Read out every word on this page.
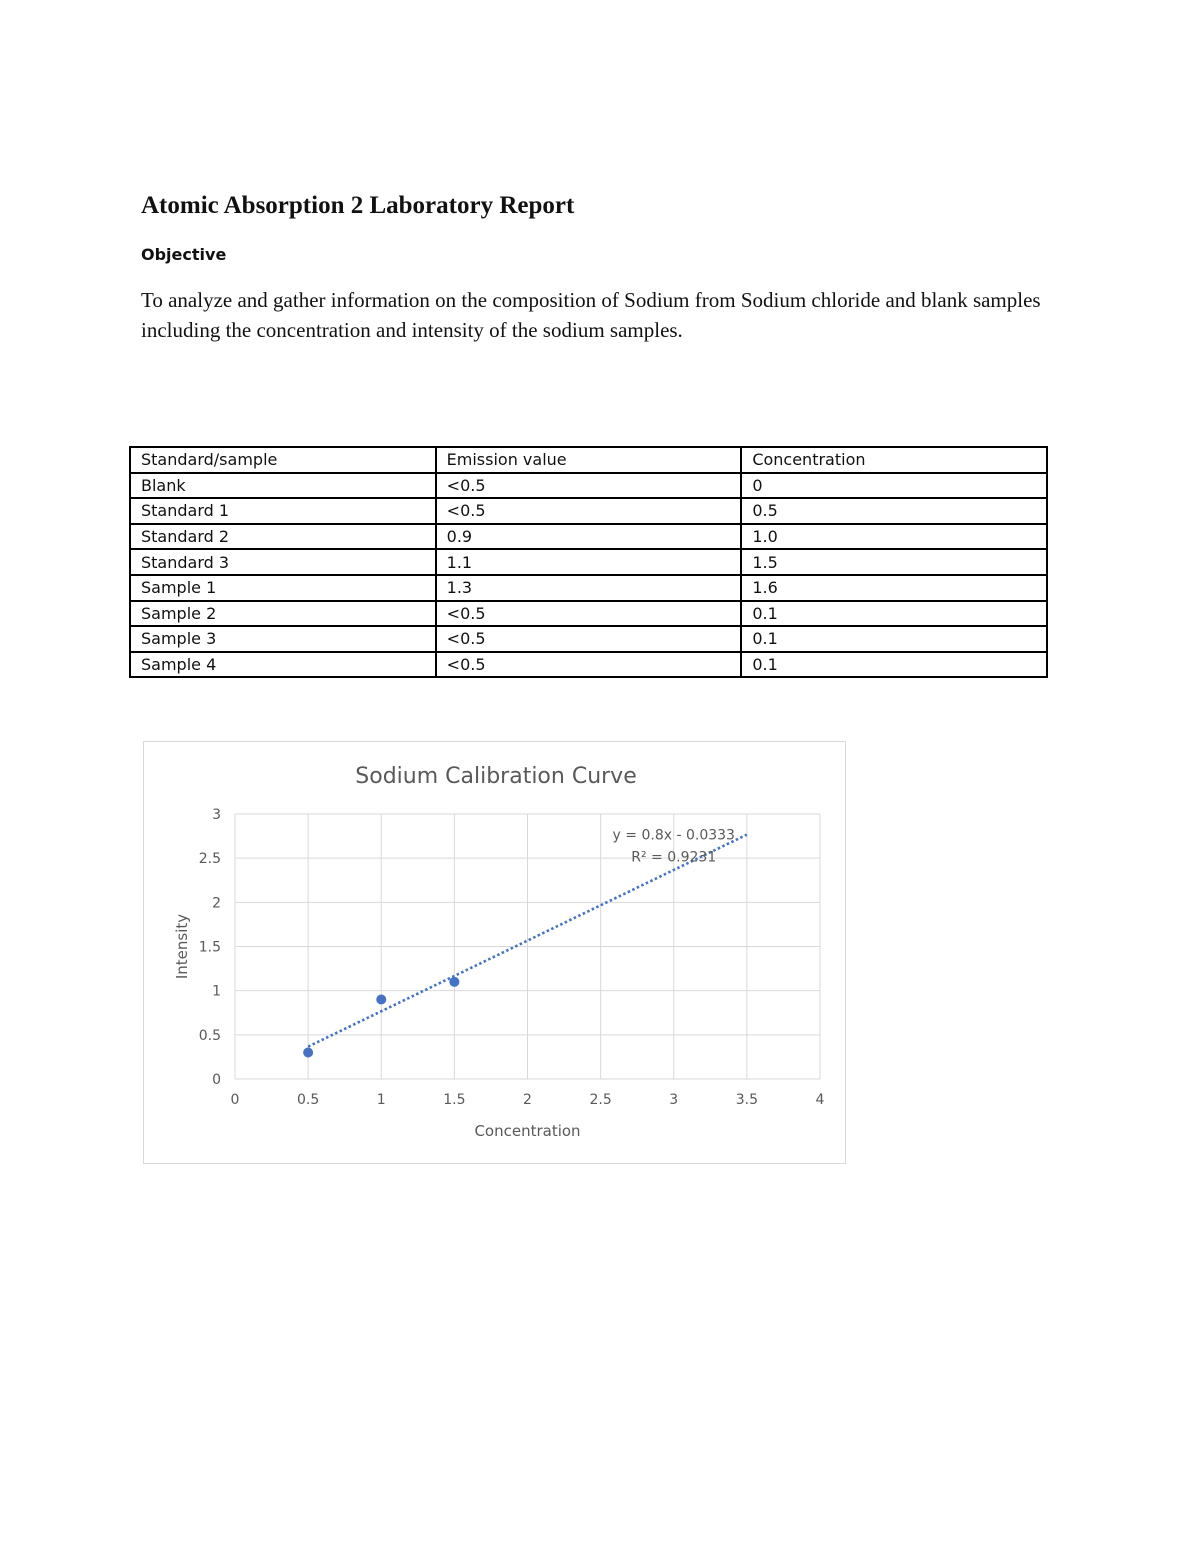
Atomic Absorption 2 Laboratory Report
Objective

To analyze and gather information on the composition of Sodium from Sodium chloride and blank samples including the concentration and intensity of the sodium samples.

Standard/sample	Emission value	Concentration
Blank	<0.5	0
Standard 1	<0.5	0.5
Standard 2	0.9	1.0
Standard 3	1.1	1.5
Sample 1	1.3	1.6
Sample 2	<0.5	0.1
Sample 3	<0.5	0.1
Sample 4	<0.5	0.1
0	0.5	1	1.5	2	2.5	3	3.5	4
0
0.5
1
1.5
2
2.5
3
Sodium Calibration Curve
Concentration
Intensity
y = 0.8x - 0.0333
R² = 0.9231
